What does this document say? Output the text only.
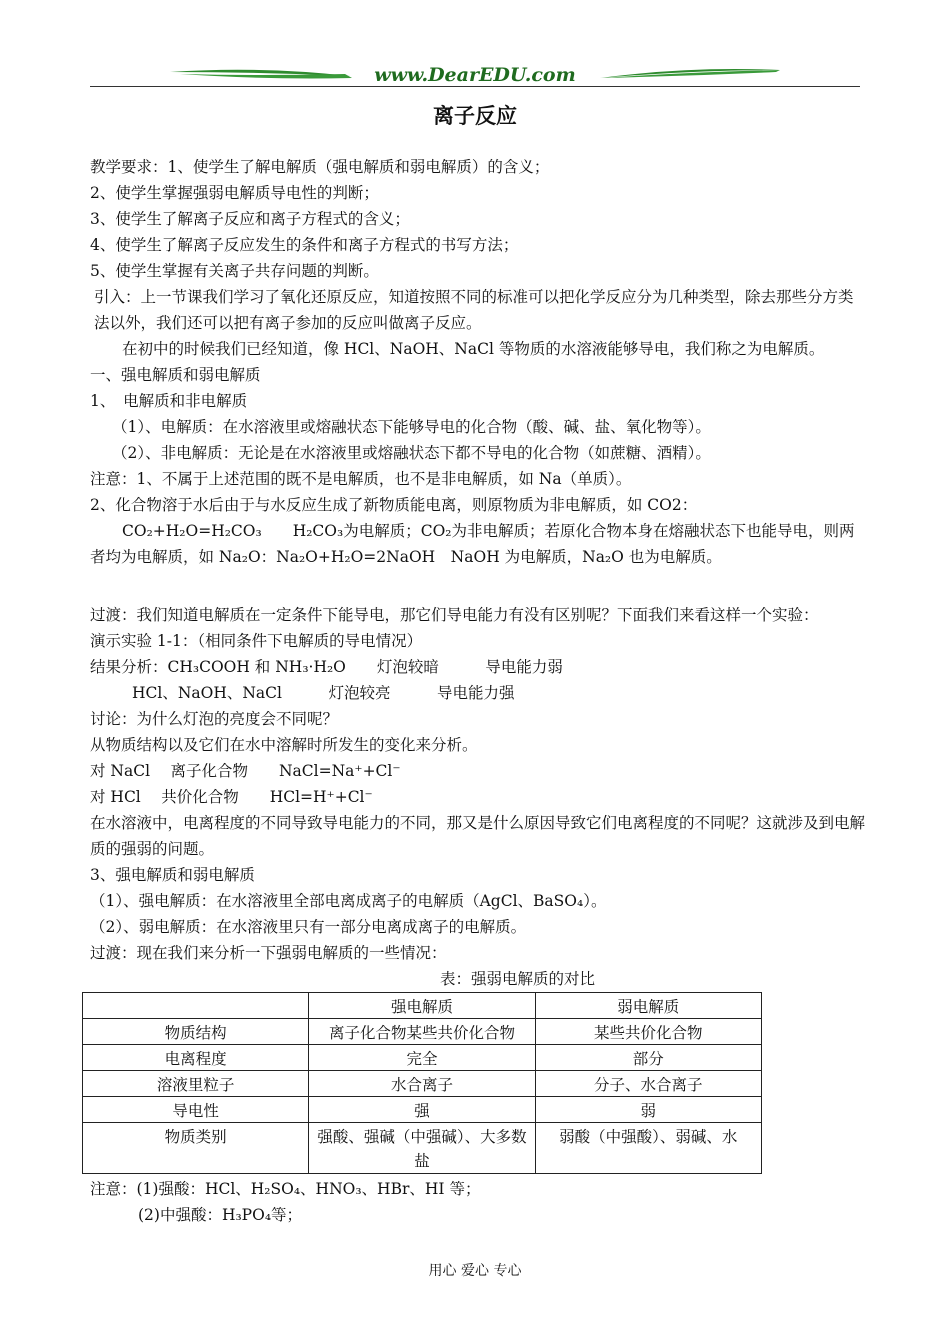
www.DearEDU.com
离子反应
教学要求：1、使学生了解电解质（强电解质和弱电解质）的含义；
2、使学生掌握强弱电解质导电性的判断；
3、使学生了解离子反应和离子方程式的含义；
4、使学生了解离子反应发生的条件和离子方程式的书写方法；
5、使学生掌握有关离子共存问题的判断。
引入：上一节课我们学习了氧化还原反应，知道按照不同的标准可以把化学反应分为几种类型，除去那些分方类法以外，我们还可以把有离子参加的反应叫做离子反应。
在初中的时候我们已经知道，像 HCl、NaOH、NaCl 等物质的水溶液能够导电，我们称之为电解质。
一、强电解质和弱电解质
1、　电解质和非电解质
（1）、电解质：在水溶液里或熔融状态下能够导电的化合物（酸、碱、盐、氧化物等）。
（2）、非电解质：无论是在水溶液里或熔融状态下都不导电的化合物（如蔗糖、酒精）。
注意：1、不属于上述范围的既不是电解质，也不是非电解质，如 Na（单质）。
2、化合物溶于水后由于与水反应生成了新物质能电离，则原物质为非电解质，如 CO2：
CO₂+H₂O=H₂CO₃　　H₂CO₃为电解质；CO₂为非电解质；若原化合物本身在熔融状态下也能导电，则两者均为电解质，如 Na₂O：Na₂O+H₂O=2NaOH　NaOH 为电解质，Na₂O 也为电解质。
过渡：我们知道电解质在一定条件下能导电，那它们导电能力有没有区别呢？下面我们来看这样一个实验：
演示实验 1-1：（相同条件下电解质的导电情况）
结果分析：CH₃COOH 和 NH₃·H₂O　　灯泡较暗　　　导电能力弱
HCl、NaOH、NaCl　　　灯泡较亮　　　导电能力强
讨论：为什么灯泡的亮度会不同呢？
从物质结构以及它们在水中溶解时所发生的变化来分析。
对 NaCl　 离子化合物　　NaCl=Na⁺+Cl⁻
对 HCl　 共价化合物　　HCl=H⁺+Cl⁻
在水溶液中，电离程度的不同导致导电能力的不同，那又是什么原因导致它们电离程度的不同呢？这就涉及到电解质的强弱的问题。
3、强电解质和弱电解质
（1）、强电解质：在水溶液里全部电离成离子的电解质（AgCl、BaSO₄）。
（2）、弱电解质：在水溶液里只有一部分电离成离子的电解质。
过渡：现在我们来分析一下强弱电解质的一些情况：
表：强弱电解质的对比
	强电解质	弱电解质
物质结构	离子化合物某些共价化合物	某些共价化合物
电离程度	完全	部分
溶液里粒子	水合离子	分子、水合离子
导电性	强	弱
物质类别	强酸、强碱（中强碱）、大多数盐	弱酸（中强酸）、弱碱、水
注意：(1)强酸：HCl、H₂SO₄、HNO₃、HBr、HI 等；
(2)中强酸：H₃PO₄等；
用心 爱心 专心
